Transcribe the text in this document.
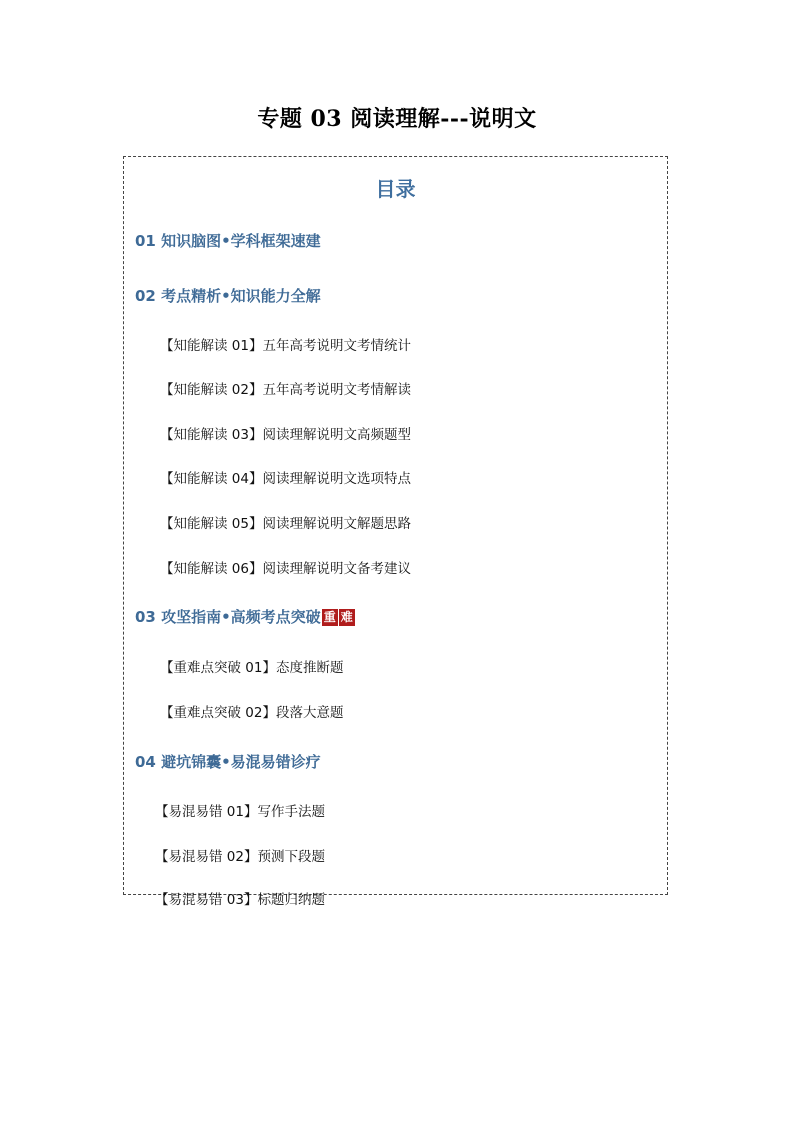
专题 03 阅读理解---说明文
目录
01 知识脑图•学科框架速建
02 考点精析•知识能力全解
【知能解读 01】五年高考说明文考情统计
【知能解读 02】五年高考说明文考情解读
【知能解读 03】阅读理解说明文高频题型
【知能解读 04】阅读理解说明文选项特点
【知能解读 05】阅读理解说明文解题思路
【知能解读 06】阅读理解说明文备考建议
03 攻坚指南•高频考点突破 重 难
【重难点突破 01】态度推断题
【重难点突破 02】段落大意题
04 避坑锦囊•易混易错诊疗
【易混易错 01】写作手法题
【易混易错 02】预测下段题
【易混易错 03】标题归纳题
